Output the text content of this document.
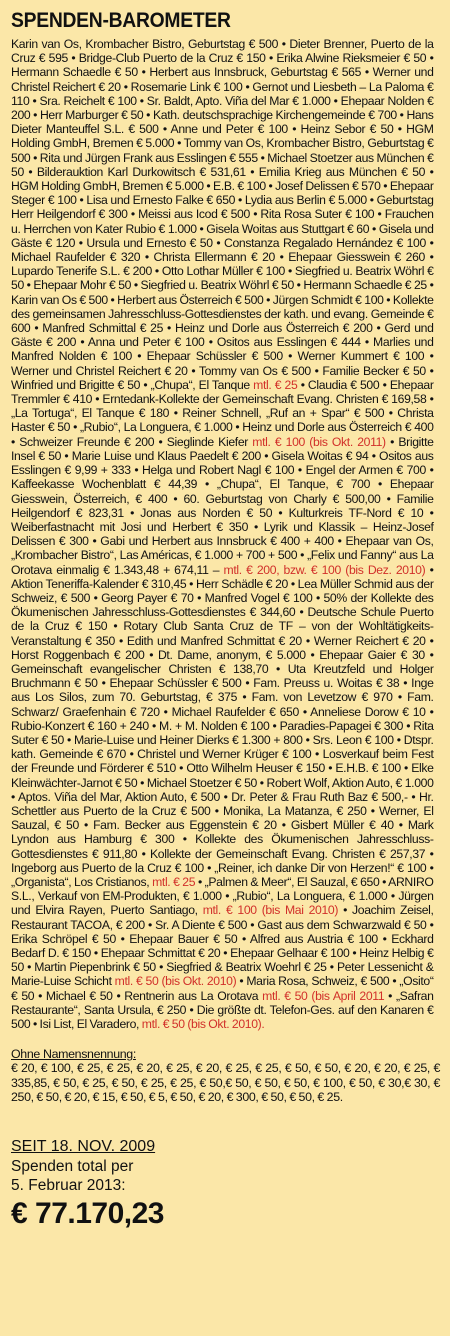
SPENDEN-BAROMETER
Karin van Os, Krombacher Bistro, Geburtstag € 500 • Dieter Brenner, Puerto de la Cruz € 595 • Bridge-Club Puerto de la Cruz € 150 • Erika Alwine Rieksmeier € 50 • Hermann Schaedle € 50 • Herbert aus Innsbruck, Geburtstag € 565 • Werner und Christel Reichert € 20 • Rosemarie Link € 100 • Gernot und Liesbeth – La Paloma € 110 • Sra. Reichelt € 100 • Sr. Baldt, Apto. Viña del Mar € 1.000 • Ehepaar Nolden € 200 • Herr Marburger € 50 • Kath. deutschsprachige Kirchengemeinde € 700 • Hans Dieter Manteuffel S.L. € 500 • Anne und Peter € 100 • Heinz Sebor € 50 • HGM Holding GmbH, Bremen € 5.000 • Tommy van Os, Krombacher Bistro, Geburtstag € 500 • Rita und Jürgen Frank aus Esslingen € 555 • Michael Stoetzer aus München € 50 • Bilderauktion Karl Durkowitsch € 531,61 • Emilia Krieg aus München € 50 • HGM Holding GmbH, Bremen € 5.000 • E.B. € 100 • Josef Delissen € 570 • Ehepaar Steger € 100 • Lisa und Ernesto Falke € 650 • Lydia aus Berlin € 5.000 • Geburtstag Herr Heilgendorf € 300 • Meissi aus Icod € 500 • Rita Rosa Suter € 100 • Frauchen u. Herrchen von Kater Rubio € 1.000 • Gisela Woitas aus Stuttgart € 60 • Gisela und Gäste € 120 • Ursula und Ernesto € 50 • Constanza Regalado Hernández € 100 • Michael Raufelder € 320 • Christa Ellermann € 20 • Ehepaar Giesswein € 260 • Lupardo Tenerife S.L. € 200 • Otto Lothar Müller € 100 • Siegfried u. Beatrix Wöhrl € 50 • Ehepaar Mohr € 50 • Siegfried u. Beatrix Wöhrl € 50 • Hermann Schaedle € 25 • Karin van Os € 500 • Herbert aus Österreich € 500 • Jürgen Schmidt € 100 • Kollekte des gemeinsamen Jahresschluss-Gottesdienstes der kath. und evang. Gemeinde € 600 • Manfred Schmittal € 25 • Heinz und Dorle aus Österreich € 200 • Gerd und Gäste € 200 • Anna und Peter € 100 • Ositos aus Esslingen € 444 • Marlies und Manfred Nolden € 100 • Ehepaar Schüssler € 500 • Werner Kummert € 100 • Werner und Christel Reichert € 20 • Tommy van Os € 500 • Familie Becker € 50 • Winfried und Brigitte € 50 • „Chupa“, El Tanque mtl. € 25 • Claudia € 500 • Ehepaar Tremmler € 410 • Erntedank-Kollekte der Gemeinschaft Evang. Christen € 169,58 • „La Tortuga“, El Tanque € 180 • Reiner Schnell, „Ruf an + Spar“ € 500 • Christa Haster € 50 • „Rubio“, La Longuera, € 1.000 • Heinz und Dorle aus Österreich € 400 • Schweizer Freunde € 200 • Sieglinde Kiefer mtl. € 100 (bis Okt. 2011) • Brigitte Insel € 50 • Marie Luise und Klaus Paedelt € 200 • Gisela Woitas € 94 • Ositos aus Esslingen € 9,99 + 333 • Helga und Robert Nagl € 100 • Engel der Armen € 700 • Kaffeekasse Wochenblatt € 44,39 • „Chupa“, El Tanque, € 700 • Ehepaar Giesswein, Österreich, € 400 • 60. Geburtstag von Charly € 500,00 • Familie Heilgendorf € 823,31 • Jonas aus Norden € 50 • Kulturkreis TF-Nord € 10 • Weiberfastnacht mit Josi und Herbert € 350 • Lyrik und Klassik – Heinz-Josef Delissen € 300 • Gabi und Herbert aus Innsbruck € 400 + 400 • Ehepaar van Os, „Krombacher Bistro“, Las Américas, € 1.000 + 700 + 500 • „Felix und Fanny“ aus La Orotava einmalig € 1.343,48 + 674,11 – mtl. € 200, bzw. € 100 (bis Dez. 2010) • Aktion Teneriffa-Kalender € 310,45 • Herr Schädle € 20 • Lea Müller Schmid aus der Schweiz, € 500 • Georg Payer € 70 • Manfred Vogel € 100 • 50% der Kollekte des Ökumenischen Jahresschluss-Gottesdienstes € 344,60 • Deutsche Schule Puerto de la Cruz € 150 • Rotary Club Santa Cruz de TF – von der Wohltätigkeits-Veranstaltung € 350 • Edith und Manfred Schmittat € 20 • Werner Reichert € 20 • Horst Roggenbach € 200 • Dt. Dame, anonym, € 5.000 • Ehepaar Gaier € 30 • Gemeinschaft evangelischer Christen € 138,70 • Uta Kreutzfeld und Holger Bruchmann € 50 • Ehepaar Schüssler € 500 • Fam. Preuss u. Woitas € 38 • Inge aus Los Silos, zum 70. Geburtstag, € 375 • Fam. von Levetzow € 970 • Fam. Schwarz/ Graefenhain € 720 • Michael Raufelder € 650 • Anneliese Dorow € 10 • Rubio-Konzert € 160 + 240 • M. + M. Nolden € 100 • Paradies-Papagei € 300 • Rita Suter € 50 • Marie-Luise und Heiner Dierks € 1.300 + 800 • Srs. Leon € 100 • Dtspr. kath. Gemeinde € 670 • Christel und Werner Krüger € 100 • Losverkauf beim Fest der Freunde und Förderer € 510 • Otto Wilhelm Heuser € 150 • E.H.B. € 100 • Elke Kleinwächter-Jarnot € 50 • Michael Stoetzer € 50 • Robert Wolf, Aktion Auto, € 1.000 • Aptos. Viña del Mar, Aktion Auto, € 500 • Dr. Peter & Frau Ruth Baz € 500,- • Hr. Schettler aus Puerto de la Cruz € 500 • Monika, La Matanza, € 250 • Werner, El Sauzal, € 50 • Fam. Becker aus Eggenstein € 20 • Gisbert Müller € 40 • Mark Lyndon aus Hamburg € 300 • Kollekte des Ökumenischen Jahresschluss-Gottesdienstes € 911,80 • Kollekte der Gemeinschaft Evang. Christen € 257,37 • Ingeborg aus Puerto de la Cruz € 100 • „Reiner, ich danke Dir von Herzen!“ € 100 • „Organista“, Los Cristianos, mtl. € 25 • „Palmen & Meer“, El Sauzal, € 650 • ARNIRO S.L., Verkauf von EM-Produkten, € 1.000 • „Rubio“, La Longuera, € 1.000 • Jürgen und Elvira Rayen, Puerto Santiago, mtl. € 100 (bis Mai 2010) • Joachim Zeisel, Restaurant TACOA, € 200 • Sr. A Diente € 500 • Gast aus dem Schwarzwald € 50 • Erika Schröpel € 50 • Ehepaar Bauer € 50 • Alfred aus Austria € 100 • Eckhard Bedarf D. € 150 • Ehepaar Schmittat € 20 • Ehepaar Gelhaar € 100 • Heinz Helbig € 50 • Martin Piepenbrink € 50 • Siegfried & Beatrix Woehrl € 25 • Peter Lessenicht & Marie-Luise Schicht mtl. € 50 (bis Okt. 2010) • Maria Rosa, Schweiz, € 500 • „Osito“ € 50 • Michael € 50 • Rentnerin aus La Orotava mtl. € 50 (bis April 2011 • „Safran Restaurante“, Santa Ursula, € 250 • Die größte dt. Telefon-Ges. auf den Kanaren € 500 • Isi List, El Varadero, mtl. € 50 (bis Okt. 2010).
Ohne Namensnennung:
€ 20, € 100, € 25, € 25, € 20, € 25, € 20, € 25, € 25, € 50, € 50, € 20, € 20, € 25, € 335,85, € 50, € 25, € 50, € 25, € 25, € 50,€ 50, € 50, € 50, € 100, € 50, € 30,€ 30, € 250, € 50, € 20, € 15, € 50, € 5, € 50, € 20, € 300, € 50, € 50, € 25.
SEIT 18. NOV. 2009
Spenden total per
5. Februar 2013:
€ 77.170,23
